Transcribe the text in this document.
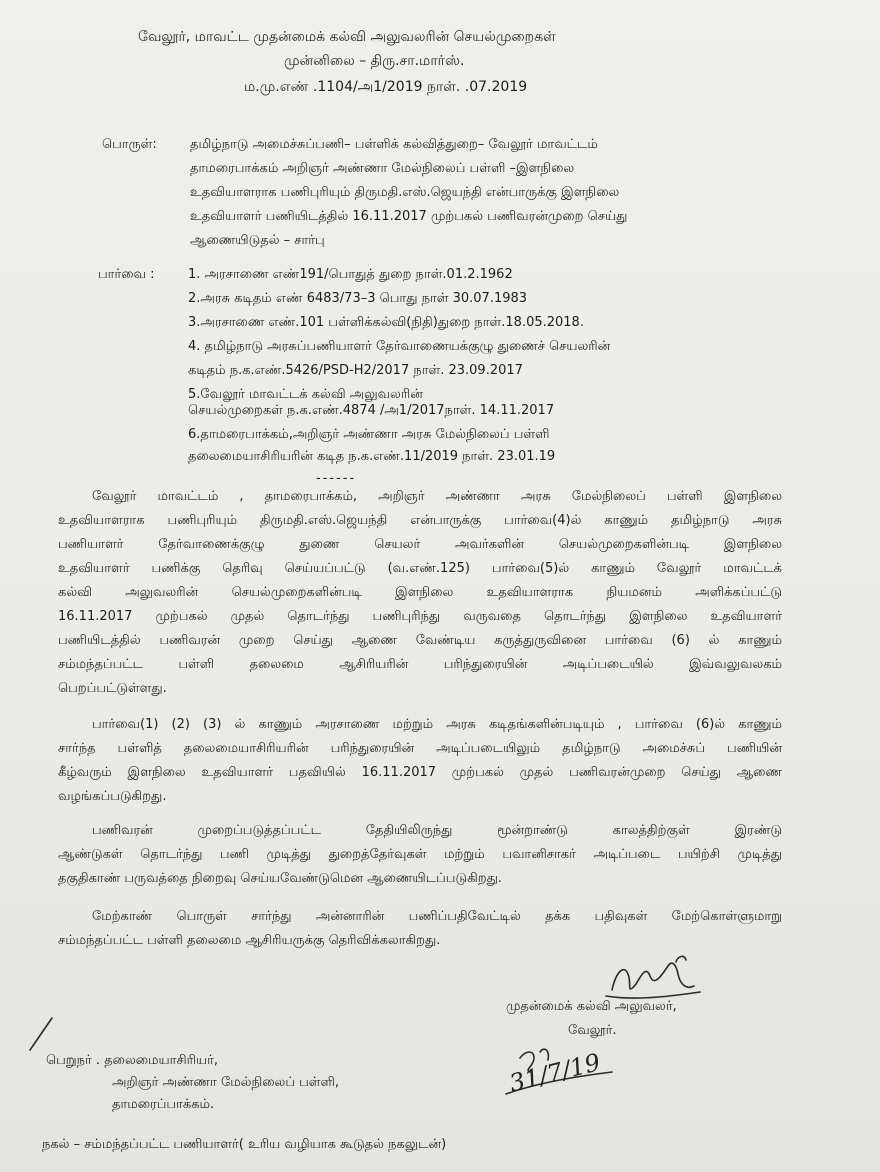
வேலூர், மாவட்ட முதன்மைக் கல்வி அலுவலரின் செயல்முறைகள்
முன்னிலை – திரு.சா.மார்ஸ்.
ம.மு.எண் .1104/அ1/2019 நாள். .07.2019
பொருள்:	தமிழ்நாடு அமைச்சுப்பணி– பள்ளிக் கல்வித்துறை– வேலூர் மாவட்டம்
தாமரைபாக்கம் அறிஞர் அண்ணா மேல்நிலைப் பள்ளி –இளநிலை
உதவியாளராக பணிபுரியும் திருமதி.எஸ்.ஜெயந்தி என்பாருக்கு இளநிலை
உதவியாளர் பணியிடத்தில் 16.11.2017 முற்பகல் பணிவரன்முறை செய்து
ஆணையிடுதல் – சார்பு
பார்வை :	1. அரசாணை எண்191/பொதுத் துறை நாள்.01.2.1962
2.அரசு கடிதம் எண் 6483/73–3 பொது நாள் 30.07.1983
3.அரசாணை எண்.101 பள்ளிக்கல்வி(நிதி)துறை நாள்.18.05.2018.
4. தமிழ்நாடு அரசுப்பணியாளர் தேர்வாணையக்குழு துணைச் செயலரின்
கடிதம் ந.க.எண்.5426/PSD-H2/2017 நாள். 23.09.2017
5.வேலூர் மாவட்டக் கல்வி அலுவலரின்
செயல்முறைகள் ந.க.எண்.4874 /அ1/2017நாள். 14.11.2017
6.தாமரைபாக்கம்,அறிஞர் அண்ணா அரசு மேல்நிலைப் பள்ளி
தலைமையாசிரியரின் கடித ந.க.எண்.11/2019 நாள். 23.01.19
------
வேலூர் மாவட்டம் , தாமரைபாக்கம், அறிஞர் அண்ணா அரசு மேல்நிலைப் பள்ளி இளநிலை
உதவியாளராக பணிபுரியும் திருமதி.எஸ்.ஜெயந்தி என்பாருக்கு பார்வை(4)ல் காணும் தமிழ்நாடு அரசு
பணியாளர் தேர்வாணைக்குழு துணை செயலர் அவர்களின் செயல்முறைகளின்படி இளநிலை
உதவியாளர் பணிக்கு தெரிவு செய்யப்பட்டு (வ.எண்.125) பார்வை(5)ல் காணும் வேலூர் மாவட்டக்
கல்வி அலுவலரின் செயல்முறைகளின்படி இளநிலை உதவியாளராக நியமனம் அளிக்கப்பட்டு
16.11.2017 முற்பகல் முதல் தொடர்ந்து பணிபுரிந்து வருவதை தொடர்ந்து இளநிலை உதவியாளர்
பணியிடத்தில் பணிவரன் முறை செய்து ஆணை வேண்டிய கருத்துருவினை பார்வை (6) ல் காணும்
சம்மந்தப்பட்ட பள்ளி தலைமை ஆசிரியரின் பரிந்துரையின் அடிப்படையில் இவ்வலுவலகம்
பெறப்பட்டுள்ளது.
பார்வை(1) (2) (3) ல் காணும் அரசாணை மற்றும் அரசு கடிதங்களின்படியும் , பார்வை (6)ல் காணும்
சார்ந்த பள்ளித் தலைமையாசிரியரின் பரிந்துரையின் அடிப்படையிலும் தமிழ்நாடு அமைச்சுப் பணியின்
கீழ்வரும் இளநிலை உதவியாளர் பதவியில் 16.11.2017 முற்பகல் முதல் பணிவரன்முறை செய்து ஆணை
வழங்கப்படுகிறது.
பணிவரன் முறைப்படுத்தப்பட்ட தேதியிலிருந்து மூன்றாண்டு காலத்திற்குள் இரண்டு
ஆண்டுகள் தொடர்ந்து பணி முடித்து துறைத்தேர்வுகள் மற்றும் பவானிசாகர் அடிப்படை பயிற்சி முடித்து
தகுதிகாண் பருவத்தை நிறைவு செய்யவேண்டுமென ஆணையிடப்படுகிறது.
மேற்காண் பொருள் சார்ந்து அன்னாரின் பணிப்பதிவேட்டில் தக்க பதிவுகள் மேற்கொள்ளுமாறு
சம்மந்தப்பட்ட பள்ளி தலைமை ஆசிரியருக்கு தெரிவிக்கலாகிறது.
முதன்மைக் கல்வி அலுவலர்,
வேலூர்.
31/7/19
பெறுநர் . தலைமையாசிரியர்,
அறிஞர் அண்ணா மேல்நிலைப் பள்ளி,
தாமரைப்பாக்கம்.
நகல் – சம்மந்தப்பட்ட பணியாளர்( உரிய வழியாக கூடுதல் நகலுடன்)
